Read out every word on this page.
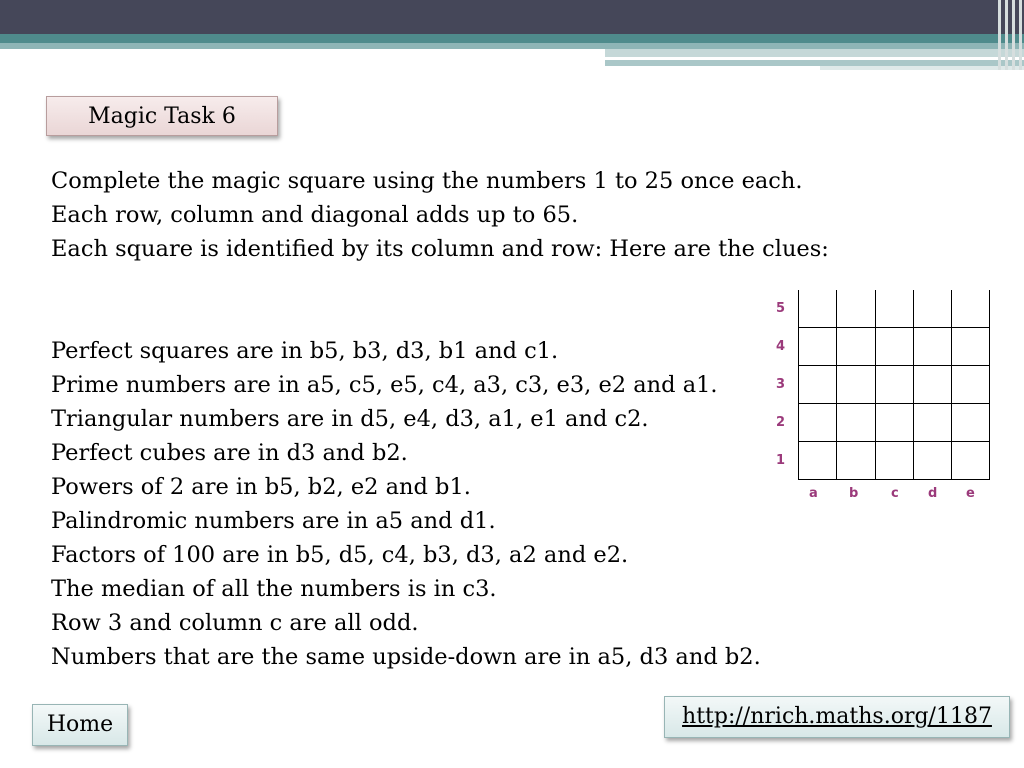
Magic Task 6
Complete the magic square using the numbers 1 to 25 once each.
Each row, column and diagonal adds up to 65.
Each square is identified by its column and row: Here are the clues:
Perfect squares are in b5, b3, d3, b1 and c1.
Prime numbers are in a5, c5, e5, c4, a3, c3, e3, e2 and a1.
Triangular numbers are in d5, e4, d3, a1, e1 and c2.
Perfect cubes are in d3 and b2.
Powers of 2 are in b5, b2, e2 and b1.
Palindromic numbers are in a5 and d1.
Factors of 100 are in b5, d5, c4, b3, d3, a2 and e2.
The median of all the numbers is in c3.
Row 3 and column c are all odd.
Numbers that are the same upside-down are in a5, d3 and b2.
5
4
3
2
1
a b	c d e
Home	http://nrich.maths.org/1187
